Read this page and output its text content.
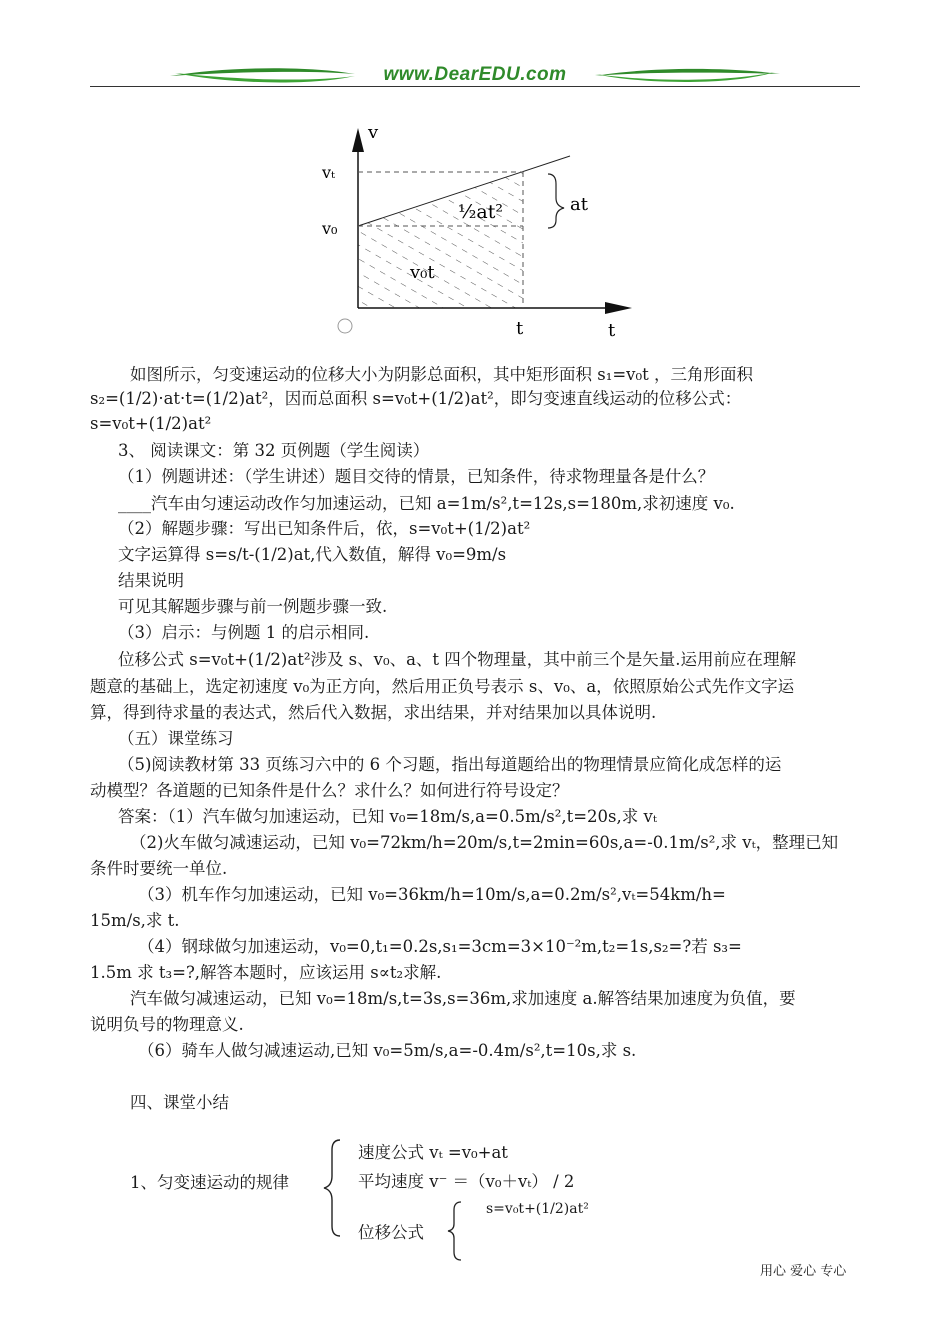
www.DearEDU.com
v
t
vₜ
v₀
½at²
v₀t
at
t
如图所示，匀变速运动的位移大小为阴影总面积，其中矩形面积 s₁=v₀t ，三角形面积
s₂=(1/2)·at·t=(1/2)at²，因而总面积 s=v₀t+(1/2)at²，即匀变速直线运动的位移公式：
s=v₀t+(1/2)at²
3、 阅读课文：第 32 页例题（学生阅读）
（1）例题讲述：（学生讲述）题目交待的情景，已知条件，待求物理量各是什么？
____汽车由匀速运动改作匀加速运动，已知 a=1m/s²,t=12s,s=180m,求初速度 v₀.
（2）解题步骤：写出已知条件后，依，s=v₀t+(1/2)at²
文字运算得 s=s/t-(1/2)at,代入数值，解得 v₀=9m/s
结果说明
可见其解题步骤与前一例题步骤一致.
（3）启示：与例题 1 的启示相同.
位移公式 s=v₀t+(1/2)at²涉及 s、v₀、a、t 四个物理量，其中前三个是矢量.运用前应在理解
题意的基础上，选定初速度 v₀为正方向，然后用正负号表示 s、v₀、a，依照原始公式先作文字运
算，得到待求量的表达式，然后代入数据，求出结果，并对结果加以具体说明.
（五）课堂练习
（5)阅读教材第 33 页练习六中的 6 个习题，指出每道题给出的物理情景应简化成怎样的运
动模型？各道题的已知条件是什么？求什么？如何进行符号设定？
答案：（1）汽车做匀加速运动，已知 v₀=18m/s,a=0.5m/s²,t=20s,求 vₜ
（2)火车做匀减速运动，已知 v₀=72km/h=20m/s,t=2min=60s,a=-0.1m/s²,求 vₜ，整理已知
条件时要统一单位.
（3）机车作匀加速运动，已知 v₀=36km/h=10m/s,a=0.2m/s²,vₜ=54km/h=
15m/s,求 t.
（4）钢球做匀加速运动，v₀=0,t₁=0.2s,s₁=3cm=3×10⁻²m,t₂=1s,s₂=?若 s₃=
1.5m 求 t₃=?,解答本题时，应该运用 s∝t₂求解.
汽车做匀减速运动，已知 v₀=18m/s,t=3s,s=36m,求加速度 a.解答结果加速度为负值，要
说明负号的物理意义.
（6）骑车人做匀减速运动,已知 v₀=5m/s,a=-0.4m/s²,t=10s,求 s.
四、课堂小结
1、匀变速运动的规律
速度公式 vₜ =v₀+at
平均速度 v⁻ ＝（v₀＋vₜ） / 2
s=v₀t+(1/2)at²
位移公式
用心 爱心 专心
